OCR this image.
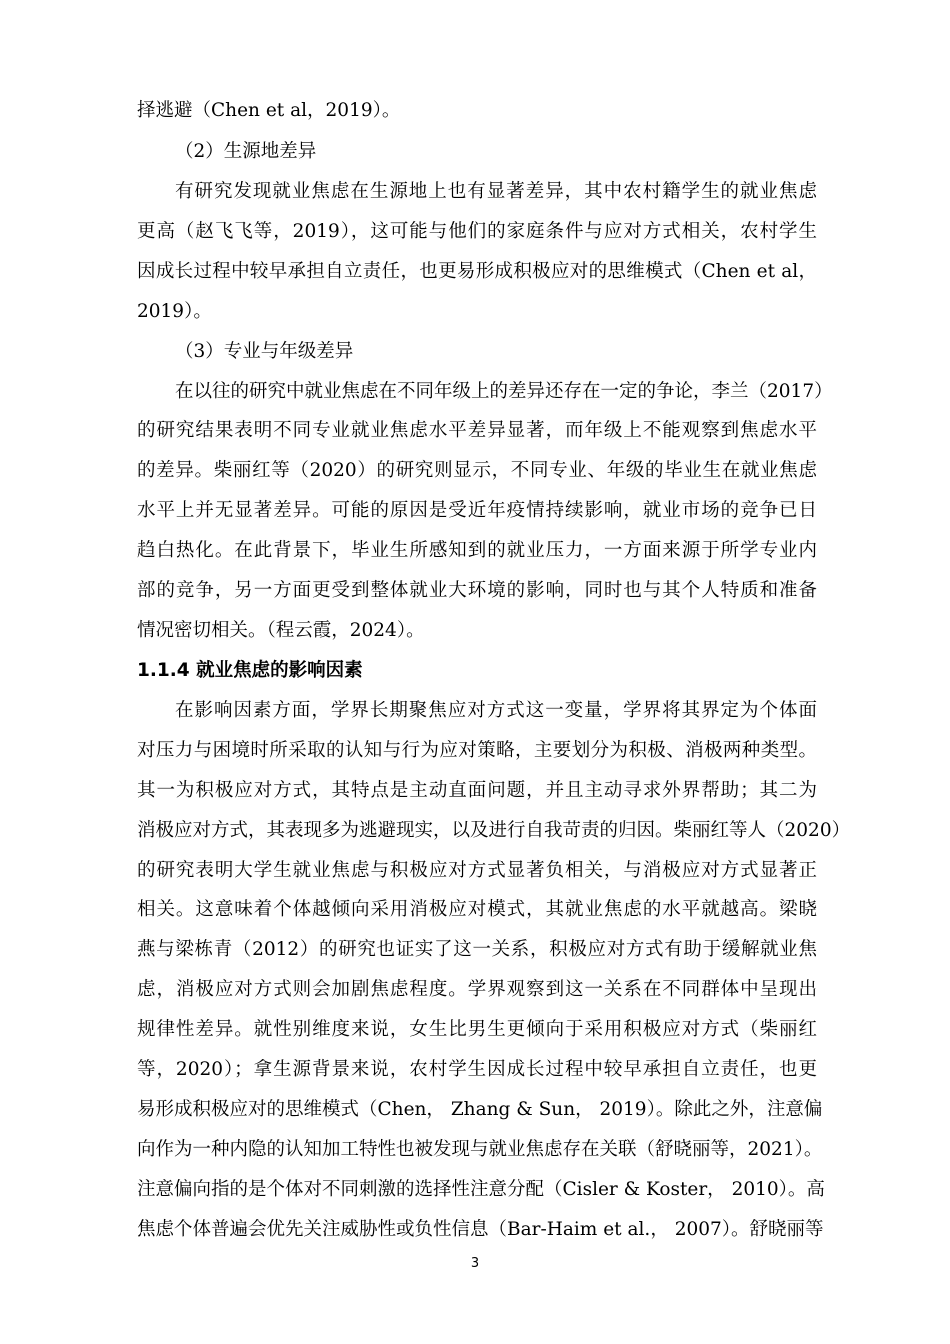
择逃避（Chen et al，2019）。
（2）生源地差异
有研究发现就业焦虑在生源地上也有显著差异，其中农村籍学生的就业焦虑
更高（赵飞飞等，2019），这可能与他们的家庭条件与应对方式相关，农村学生
因成长过程中较早承担自立责任，也更易形成积极应对的思维模式（Chen et al，
2019）。
（3）专业与年级差异
在以往的研究中就业焦虑在不同年级上的差异还存在一定的争论，李兰（2017）
的研究结果表明不同专业就业焦虑水平差异显著，而年级上不能观察到焦虑水平
的差异。柴丽红等（2020）的研究则显示，不同专业、年级的毕业生在就业焦虑
水平上并无显著差异。可能的原因是受近年疫情持续影响，就业市场的竞争已日
趋白热化。在此背景下，毕业生所感知到的就业压力，一方面来源于所学专业内
部的竞争，另一方面更受到整体就业大环境的影响，同时也与其个人特质和准备
情况密切相关。（程云霞，2024）。
1.1.4 就业焦虑的影响因素
在影响因素方面，学界长期聚焦应对方式这一变量，学界将其界定为个体面
对压力与困境时所采取的认知与行为应对策略，主要划分为积极、消极两种类型。
其一为积极应对方式，其特点是主动直面问题，并且主动寻求外界帮助；其二为
消极应对方式，其表现多为逃避现实，以及进行自我苛责的归因。柴丽红等人（2020）
的研究表明大学生就业焦虑与积极应对方式显著负相关，与消极应对方式显著正
相关。这意味着个体越倾向采用消极应对模式，其就业焦虑的水平就越高。梁晓
燕与梁栋青（2012）的研究也证实了这一关系，积极应对方式有助于缓解就业焦
虑，消极应对方式则会加剧焦虑程度。学界观察到这一关系在不同群体中呈现出
规律性差异。就性别维度来说，女生比男生更倾向于采用积极应对方式（柴丽红
等，2020）；拿生源背景来说，农村学生因成长过程中较早承担自立责任，也更
易形成积极应对的思维模式（Chen， Zhang & Sun， 2019）。除此之外，注意偏
向作为一种内隐的认知加工特性也被发现与就业焦虑存在关联（舒晓丽等，2021）。
注意偏向指的是个体对不同刺激的选择性注意分配（Cisler & Koster， 2010）。高
焦虑个体普遍会优先关注威胁性或负性信息（Bar-Haim et al.， 2007）。舒晓丽等
3
